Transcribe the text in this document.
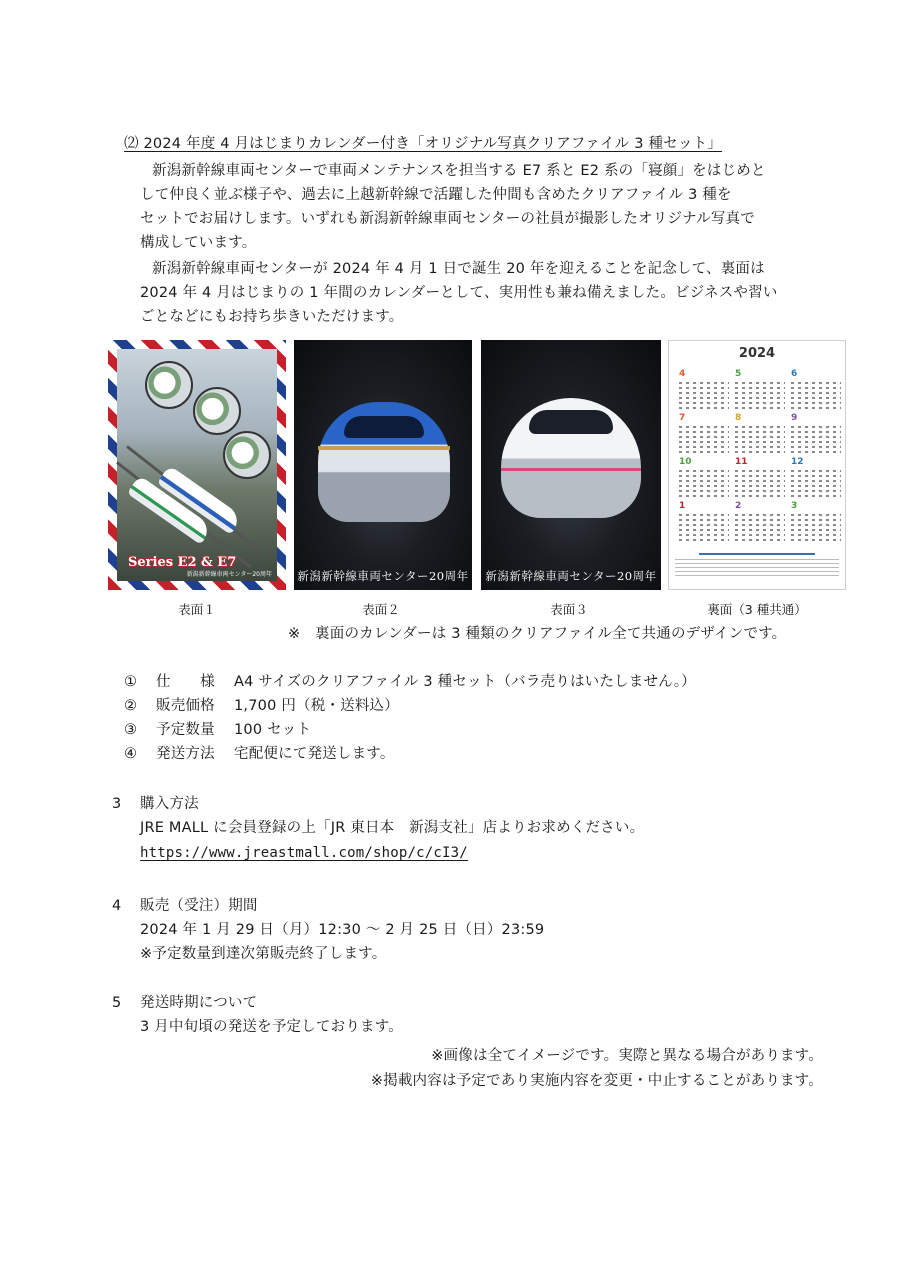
⑵ 2024 年度 4 月はじまりカレンダー付き「オリジナル写真クリアファイル 3 種セット」
新潟新幹線車両センターで車両メンテナンスを担当する E7 系と E2 系の「寝顔」をはじめと
して仲良く並ぶ様子や、過去に上越新幹線で活躍した仲間も含めたクリアファイル 3 種を
セットでお届けします。いずれも新潟新幹線車両センターの社員が撮影したオリジナル写真で
構成しています。
新潟新幹線車両センターが 2024 年 4 月 1 日で誕生 20 年を迎えることを記念して、裏面は
2024 年 4 月はじまりの 1 年間のカレンダーとして、実用性も兼ね備えました。ビジネスや習い
ごとなどにもお持ち歩きいただけます。
Series E2 & E7
新潟新幹線車両センター20周年 新潟新幹線車両センター20周年	新潟新幹線車両センター20周年
2024
4	5	6
7	8	9
10	11	12
1	2	3
表面１	表面２	表面３	裏面（3 種共通）
※　裏面のカレンダーは 3 種類のクリアファイル全て共通のデザインです。
① 仕　　様 A4 サイズのクリアファイル 3 種セット（バラ売りはいたしません。）
② 販売価格 1,700 円（税・送料込）
③ 予定数量 100 セット
④ 発送方法 宅配便にて発送します。
3 購入方法
JRE MALL に会員登録の上「JR 東日本　新潟支社」店よりお求めください。
https://www.jreastmall.com/shop/c/cI3/
4 販売（受注）期間
2024 年 1 月 29 日（月）12:30 ～ 2 月 25 日（日）23:59
※予定数量到達次第販売終了します。
5 発送時期について
3 月中旬頃の発送を予定しております。
※画像は全てイメージです。実際と異なる場合があります。
※掲載内容は予定であり実施内容を変更・中止することがあります。
